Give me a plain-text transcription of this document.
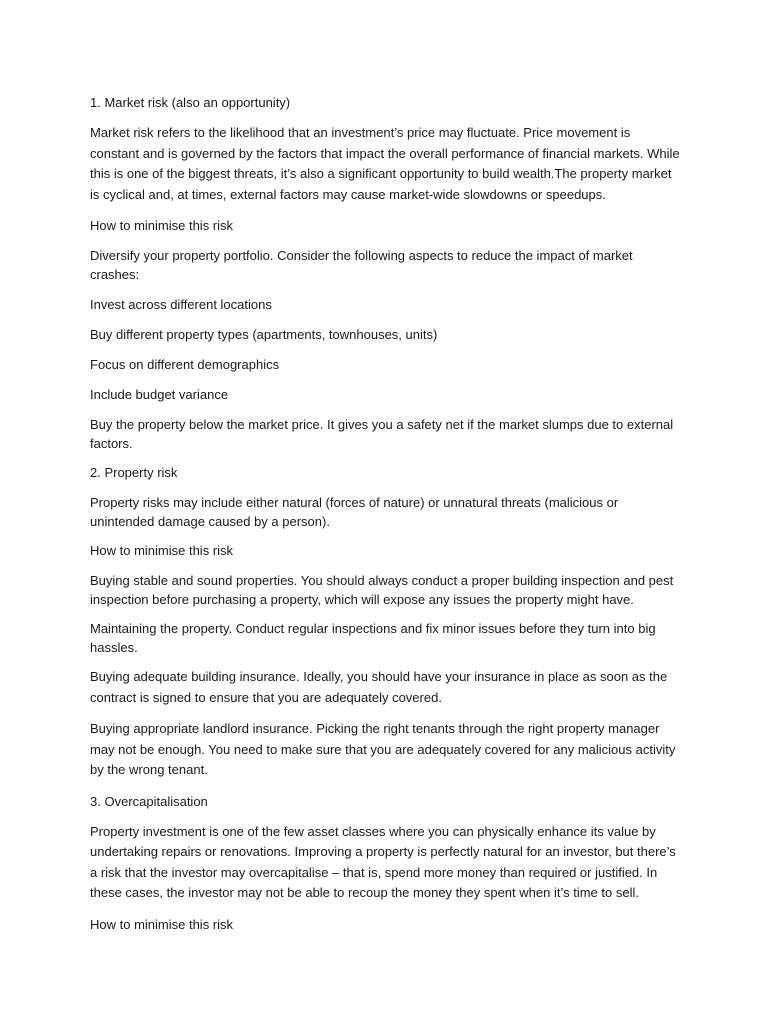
1. Market risk (also an opportunity)

Market risk refers to the likelihood that an investment’s price may fluctuate. Price movement is constant and is governed by the factors that impact the overall performance of financial markets. While this is one of the biggest threats, it’s also a significant opportunity to build wealth.The property market is cyclical and, at times, external factors may cause market-wide slowdowns or speedups.

How to minimise this risk

Diversify your property portfolio. Consider the following aspects to reduce the impact of market crashes:

Invest across different locations

Buy different property types (apartments, townhouses, units)

Focus on different demographics

Include budget variance

Buy the property below the market price. It gives you a safety net if the market slumps due to external factors.

2. Property risk

Property risks may include either natural (forces of nature) or unnatural threats (malicious or unintended damage caused by a person).

How to minimise this risk

Buying stable and sound properties. You should always conduct a proper building inspection and pest inspection before purchasing a property, which will expose any issues the property might have.

Maintaining the property. Conduct regular inspections and fix minor issues before they turn into big hassles.

Buying adequate building insurance. Ideally, you should have your insurance in place as soon as the contract is signed to ensure that you are adequately covered.

Buying appropriate landlord insurance. Picking the right tenants through the right property manager may not be enough. You need to make sure that you are adequately covered for any malicious activity by the wrong tenant.

3. Overcapitalisation

Property investment is one of the few asset classes where you can physically enhance its value by undertaking repairs or renovations. Improving a property is perfectly natural for an investor, but there’s a risk that the investor may overcapitalise – that is, spend more money than required or justified. In these cases, the investor may not be able to recoup the money they spent when it’s time to sell.

How to minimise this risk
